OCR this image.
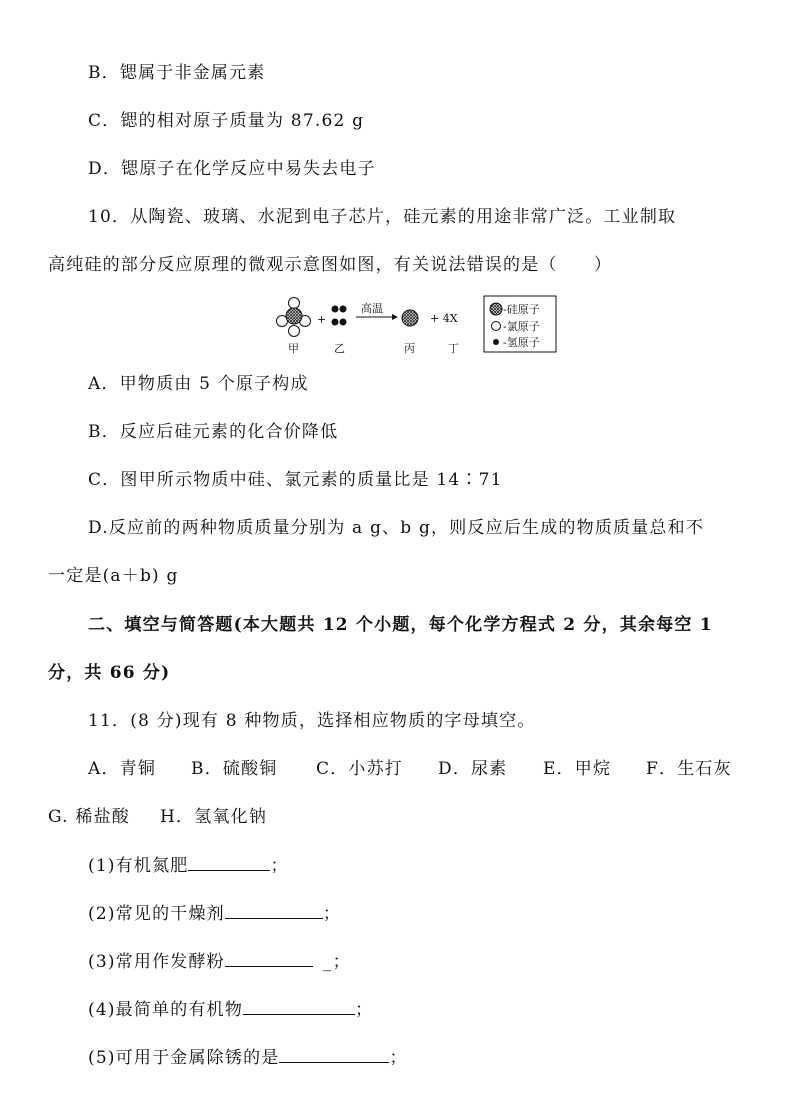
B．锶属于非金属元素
C．锶的相对原子质量为 87.62 g
D．锶原子在化学反应中易失去电子
10．从陶瓷、玻璃、水泥到电子芯片，硅元素的用途非常广泛。工业制取
高纯硅的部分反应原理的微观示意图如图，有关说法错误的是（　　）
+
高温
+ 4X
甲	乙	丙	丁
-硅原子
-氯原子
-氢原子
A．甲物质由 5 个原子构成
B．反应后硅元素的化合价降低
C．图甲所示物质中硅、氯元素的质量比是 14∶71
D.反应前的两种物质质量分别为 a g、b g，则反应后生成的物质质量总和不
一定是(a＋b) g
二、填空与简答题(本大题共 12 个小题，每个化学方程式 2 分，其余每空 1
分，共 66 分)
11．(8 分)现有 8 种物质，选择相应物质的字母填空。
A．青铜 B．硫酸铜 C．小苏打 D．尿素 E．甲烷 F．生石灰
G. 稀盐酸 H．氢氧化钠
(1)有机氮肥	；
(2)常见的干燥剂	；
(3)常用作发酵粉	_；
(4)最简单的有机物	；
(5)可用于金属除锈的是	；
